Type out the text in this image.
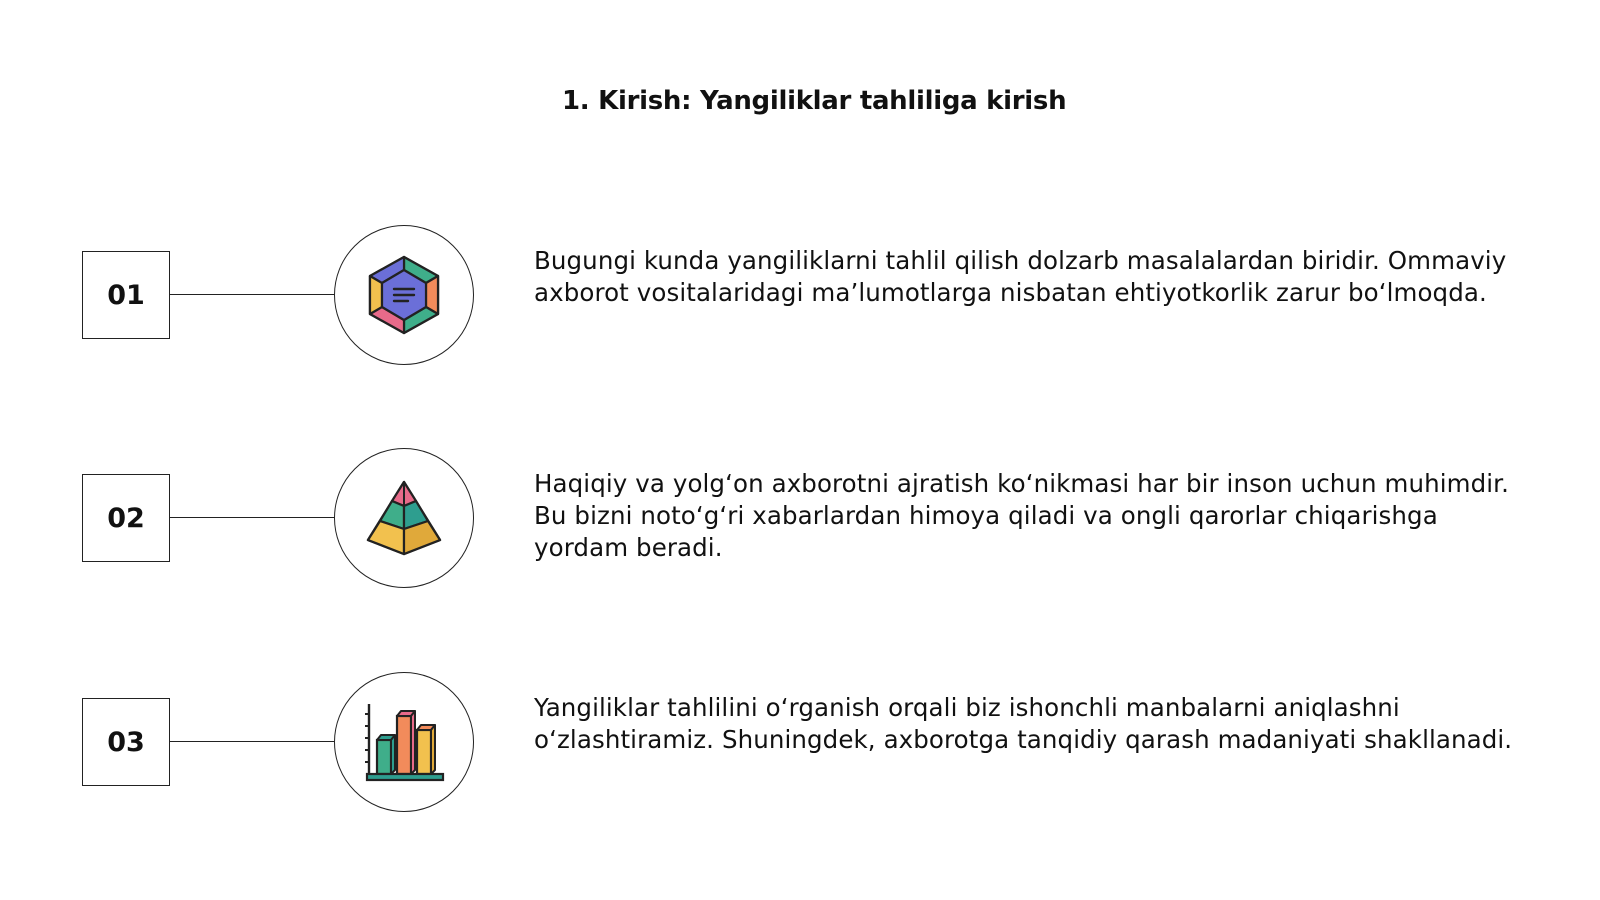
1. Kirish: Yangiliklar tahliliga kirish
01

Bugungi kunda yangiliklarni tahlil qilish dolzarb masalalardan biridir. Ommaviy axborot vositalaridagi ma’lumotlarga nisbatan ehtiyotkorlik zarur bo‘lmoqda.

02

Haqiqiy va yolg‘on axborotni ajratish ko‘nikmasi har bir inson uchun muhimdir. Bu bizni noto‘g‘ri xabarlardan himoya qiladi va ongli qarorlar chiqarishga yordam beradi.

03

Yangiliklar tahlilini o‘rganish orqali biz ishonchli manbalarni aniqlashni o‘zlashtiramiz. Shuningdek, axborotga tanqidiy qarash madaniyati shakllanadi.
